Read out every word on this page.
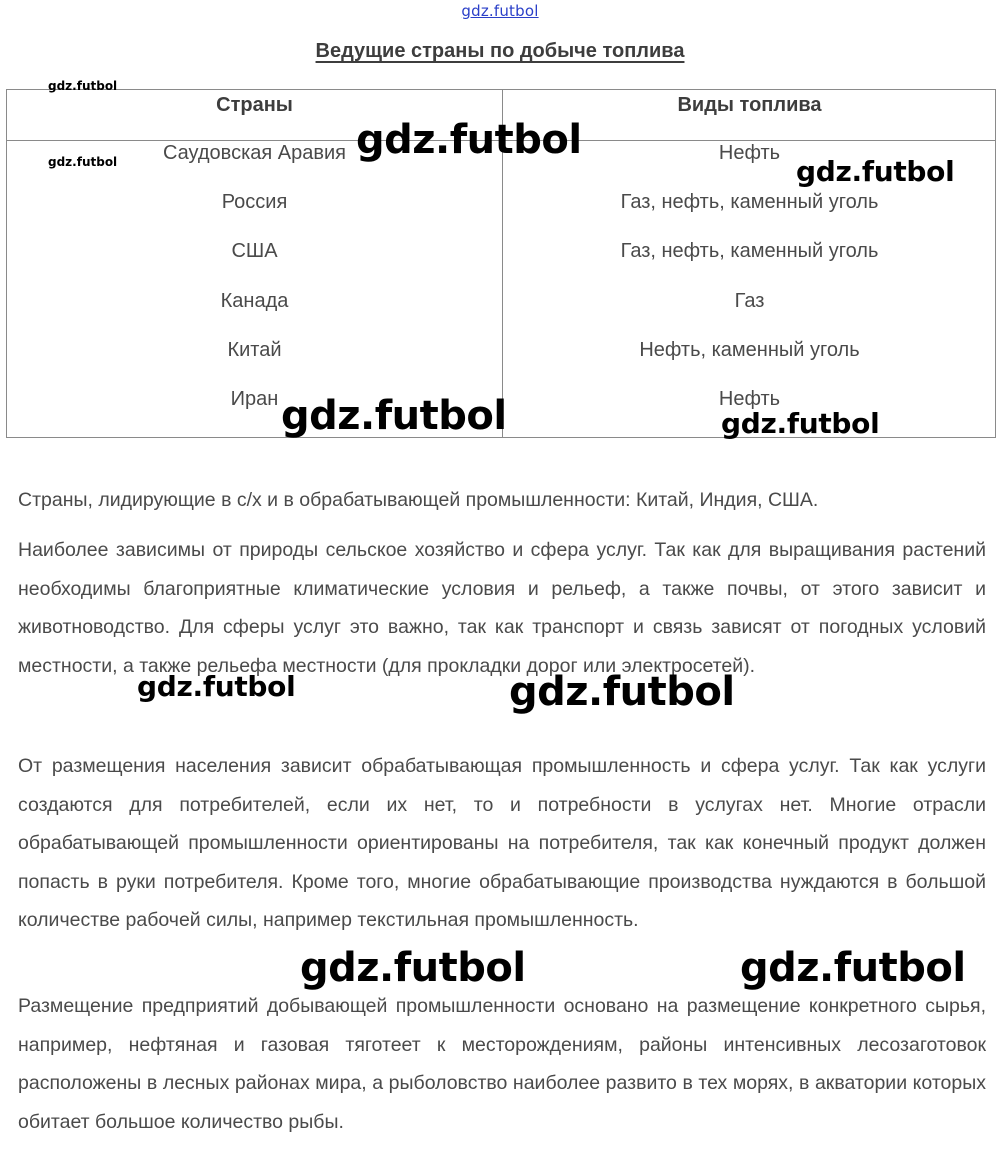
gdz.futbol
Ведущие страны по добыче топлива
Страны	Виды топлива
Саудовская Аравия	Нефть
Россия	Газ, нефть, каменный уголь
США	Газ, нефть, каменный уголь
Канада	Газ
Китай	Нефть, каменный уголь
Иран	Нефть

Страны, лидирующие в с/х и в обрабатывающей промышленности: Китай, Индия, США.

Наиболее зависимы от природы сельское хозяйство и сфера услуг. Так как для выращивания растений необходимы благоприятные климатические условия и рельеф, а также почвы, от этого зависит и животноводство. Для сферы услуг это важно, так как транспорт и связь зависят от погодных условий местности, а также рельефа местности (для прокладки дорог или электросетей).

От размещения населения зависит обрабатывающая промышленность и сфера услуг. Так как услуги создаются для потребителей, если их нет, то и потребности в услугах нет. Многие отрасли обрабатывающей промышленности ориентированы на потребителя, так как конечный продукт должен попасть в руки потребителя. Кроме того, многие обрабатывающие производства нуждаются в большой количестве рабочей силы, например текстильная промышленность.

Размещение предприятий добывающей промышленности основано на размещение конкретного сырья, например, нефтяная и газовая тяготеет к месторождениям, районы интенсивных лесозаготовок расположены в лесных районах мира, а рыболовство наиболее развито в тех морях, в акватории которых обитает большое количество рыбы.

gdz.futbol
gdz.futbol	gdz.futbol
gdz.futbol
gdz.futbol	gdz.futbol
gdz.futbol	gdz.futbol
gdz.futbol	gdz.futbol
